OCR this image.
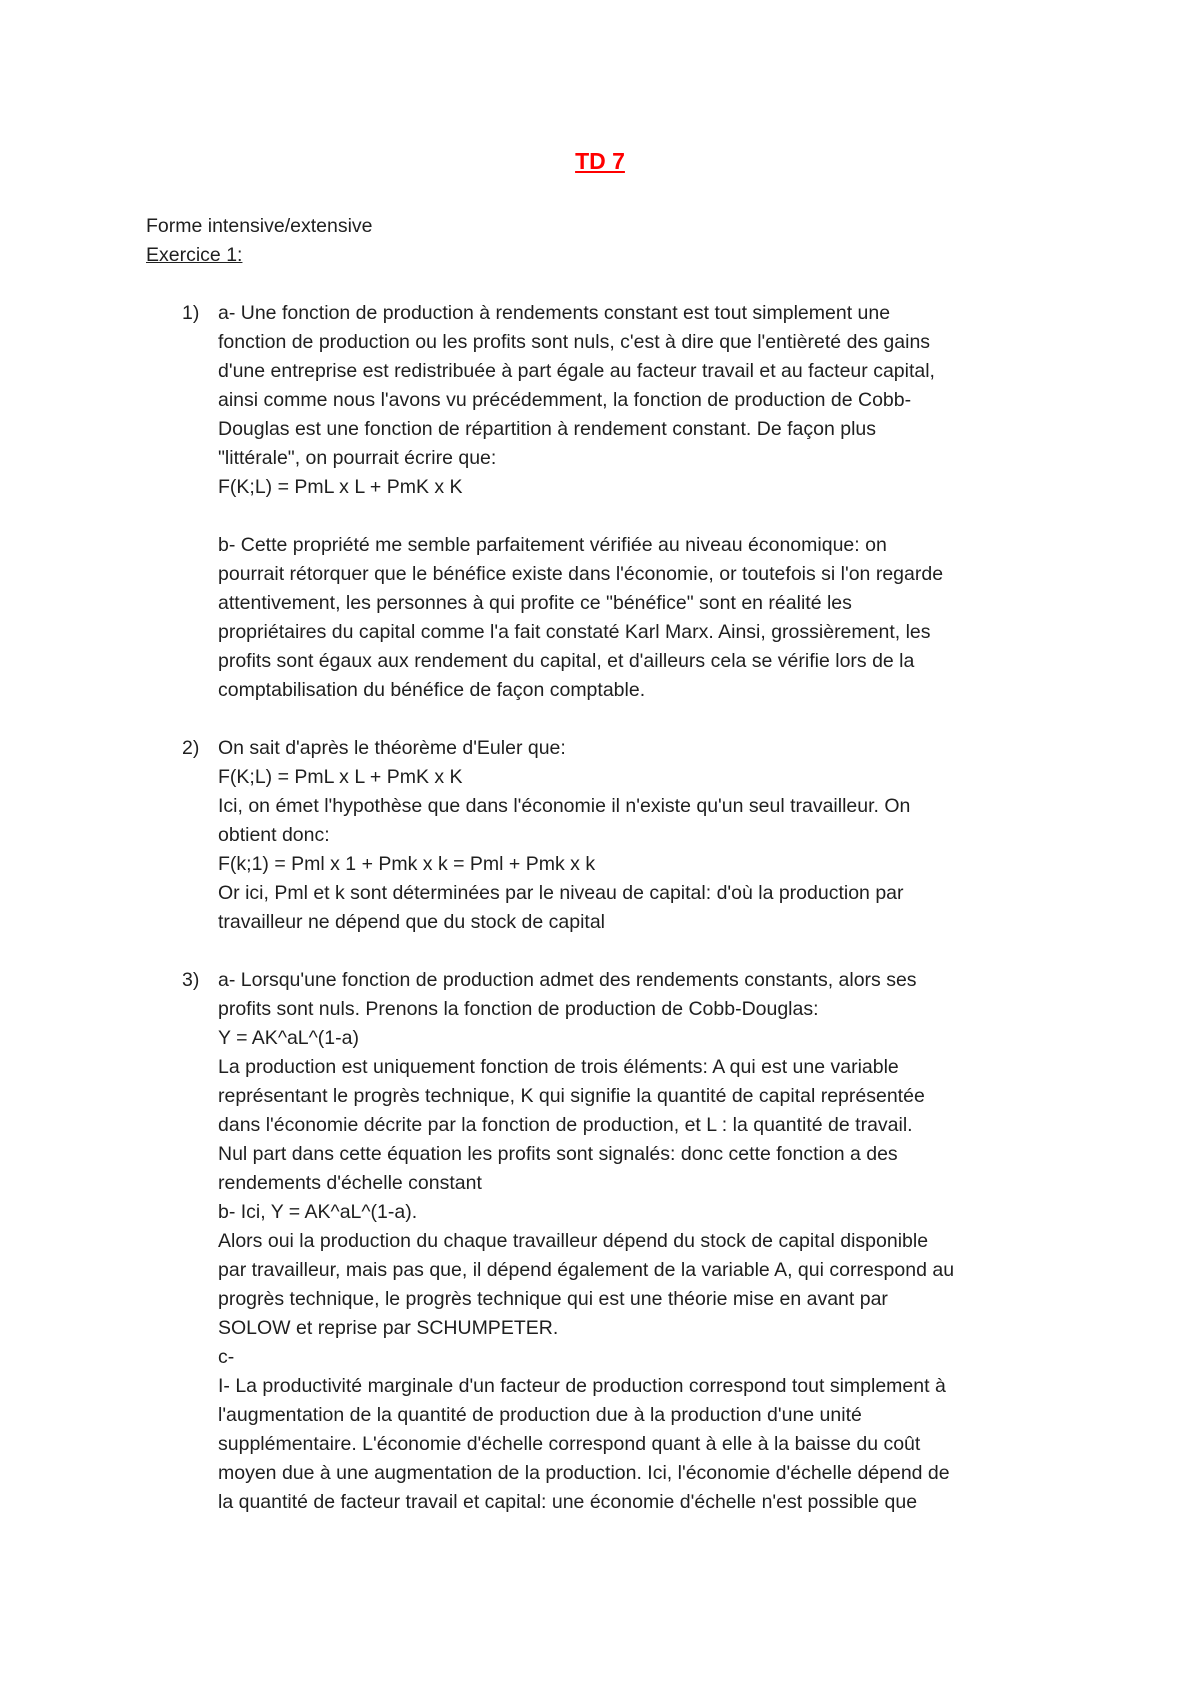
TD 7
Forme intensive/extensive
Exercice 1:
1) a- Une fonction de production à rendements constant est tout simplement une
fonction de production ou les profits sont nuls, c'est à dire que l'entièreté des gains
d'une entreprise est redistribuée à part égale au facteur travail et au facteur capital,
ainsi comme nous l'avons vu précédemment, la fonction de production de Cobb-
Douglas est une fonction de répartition à rendement constant. De façon plus
"littérale", on pourrait écrire que:
F(K;L) = PmL x L + PmK x K
b- Cette propriété me semble parfaitement vérifiée au niveau économique: on
pourrait rétorquer que le bénéfice existe dans l'économie, or toutefois si l'on regarde
attentivement, les personnes à qui profite ce "bénéfice" sont en réalité les
propriétaires du capital comme l'a fait constaté Karl Marx. Ainsi, grossièrement, les
profits sont égaux aux rendement du capital, et d'ailleurs cela se vérifie lors de la
comptabilisation du bénéfice de façon comptable.
2) On sait d'après le théorème d'Euler que:
F(K;L) = PmL x L + PmK x K
Ici, on émet l'hypothèse que dans l'économie il n'existe qu'un seul travailleur. On
obtient donc:
F(k;1) = Pml x 1 + Pmk x k = Pml + Pmk x k
Or ici, Pml et k sont déterminées par le niveau de capital: d'où la production par
travailleur ne dépend que du stock de capital
3) a- Lorsqu'une fonction de production admet des rendements constants, alors ses
profits sont nuls. Prenons la fonction de production de Cobb-Douglas:
Y = AK^aL^(1-a)
La production est uniquement fonction de trois éléments: A qui est une variable
représentant le progrès technique, K qui signifie la quantité de capital représentée
dans l'économie décrite par la fonction de production, et L : la quantité de travail.
Nul part dans cette équation les profits sont signalés: donc cette fonction a des
rendements d'échelle constant
b- Ici, Y = AK^aL^(1-a).
Alors oui la production du chaque travailleur dépend du stock de capital disponible
par travailleur, mais pas que, il dépend également de la variable A, qui correspond au
progrès technique, le progrès technique qui est une théorie mise en avant par
SOLOW et reprise par SCHUMPETER.
c-
I- La productivité marginale d'un facteur de production correspond tout simplement à
l'augmentation de la quantité de production due à la production d'une unité
supplémentaire. L'économie d'échelle correspond quant à elle à la baisse du coût
moyen due à une augmentation de la production. Ici, l'économie d'échelle dépend de
la quantité de facteur travail et capital: une économie d'échelle n'est possible que
